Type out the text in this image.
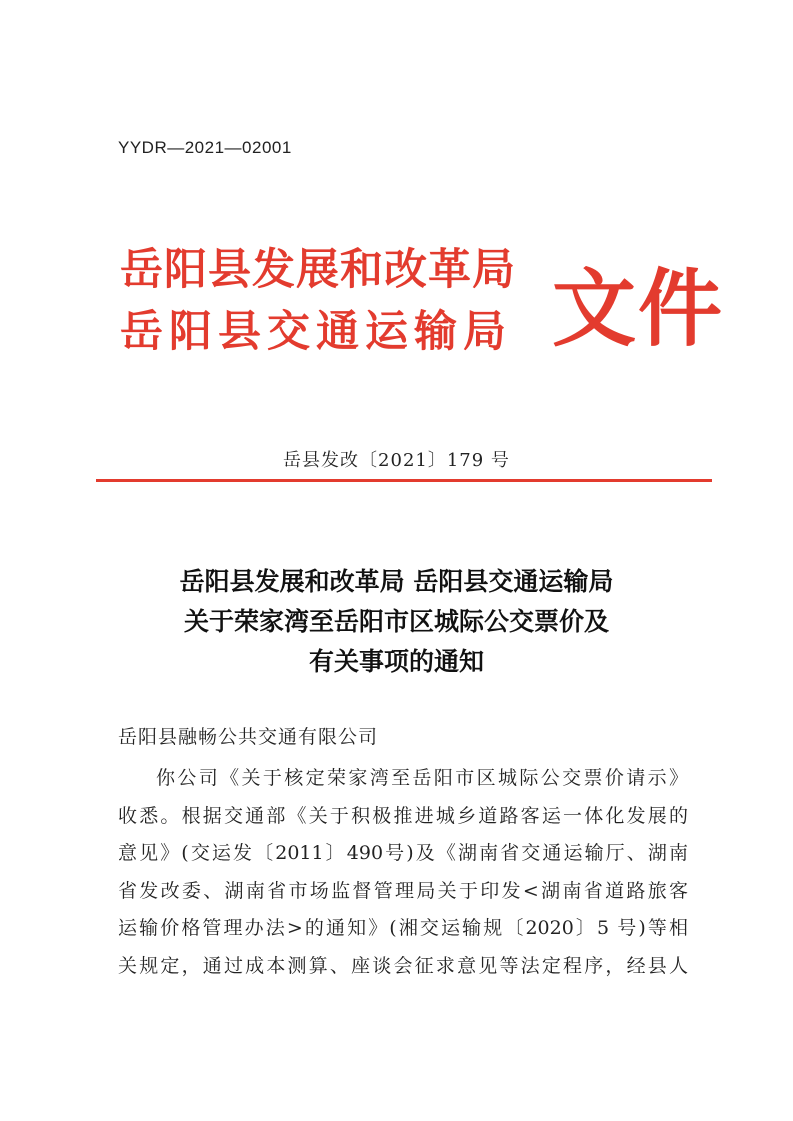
YYDR—2021—02001
岳阳县发展和改革局
岳阳县交通运输局 文件
岳县发改〔2021〕179 号
岳阳县发展和改革局 岳阳县交通运输局
关于荣家湾至岳阳市区城际公交票价及
有关事项的通知
岳阳县融畅公共交通有限公司
你公司《关于核定荣家湾至岳阳市区城际公交票价请示》
收悉。根据交通部《关于积极推进城乡道路客运一体化发展的
意见》(交运发〔2011〕490号)及《湖南省交通运输厅、湖南
省发改委、湖南省市场监督管理局关于印发<湖南省道路旅客
运输价格管理办法>的通知》(湘交运输规〔2020〕5 号)等相
关规定，通过成本测算、座谈会征求意见等法定程序，经县人
